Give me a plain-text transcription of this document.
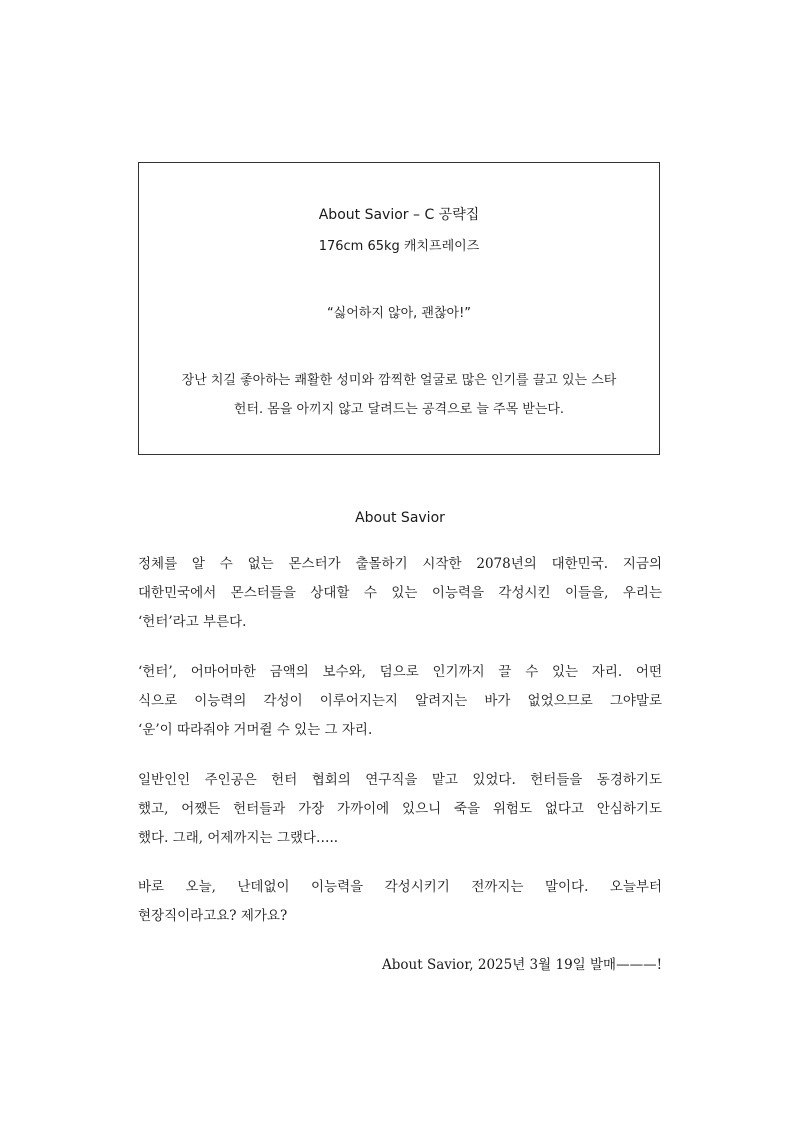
About Savior – C 공략집

176cm 65kg 캐치프레이즈

“싫어하지 않아, 괜찮아!”

장난 치길 좋아하는 쾌활한 성미와 깜찍한 얼굴로 많은 인기를 끌고 있는 스타
헌터. 몸을 아끼지 않고 달려드는 공격으로 늘 주목 받는다.

About Savior

정체를 알 수 없는 몬스터가 출몰하기 시작한 2078년의 대한민국. 지금의
대한민국에서 몬스터들을 상대할 수 있는 이능력을 각성시킨 이들을, 우리는
‘헌터’라고 부른다.

‘헌터’, 어마어마한 금액의 보수와, 덤으로 인기까지 끌 수 있는 자리. 어떤
식으로 이능력의 각성이 이루어지는지 알려지는 바가 없었으므로 그야말로
‘운’이 따라줘야 거머쥘 수 있는 그 자리.

일반인인 주인공은 헌터 협회의 연구직을 맡고 있었다. 헌터들을 동경하기도
했고, 어쨌든 헌터들과 가장 가까이에 있으니 죽을 위험도 없다고 안심하기도
했다. 그래, 어제까지는 그랬다…..

바로 오늘, 난데없이 이능력을 각성시키기 전까지는 말이다. 오늘부터
현장직이라고요? 제가요?

About Savior, 2025년 3월 19일 발매———!
